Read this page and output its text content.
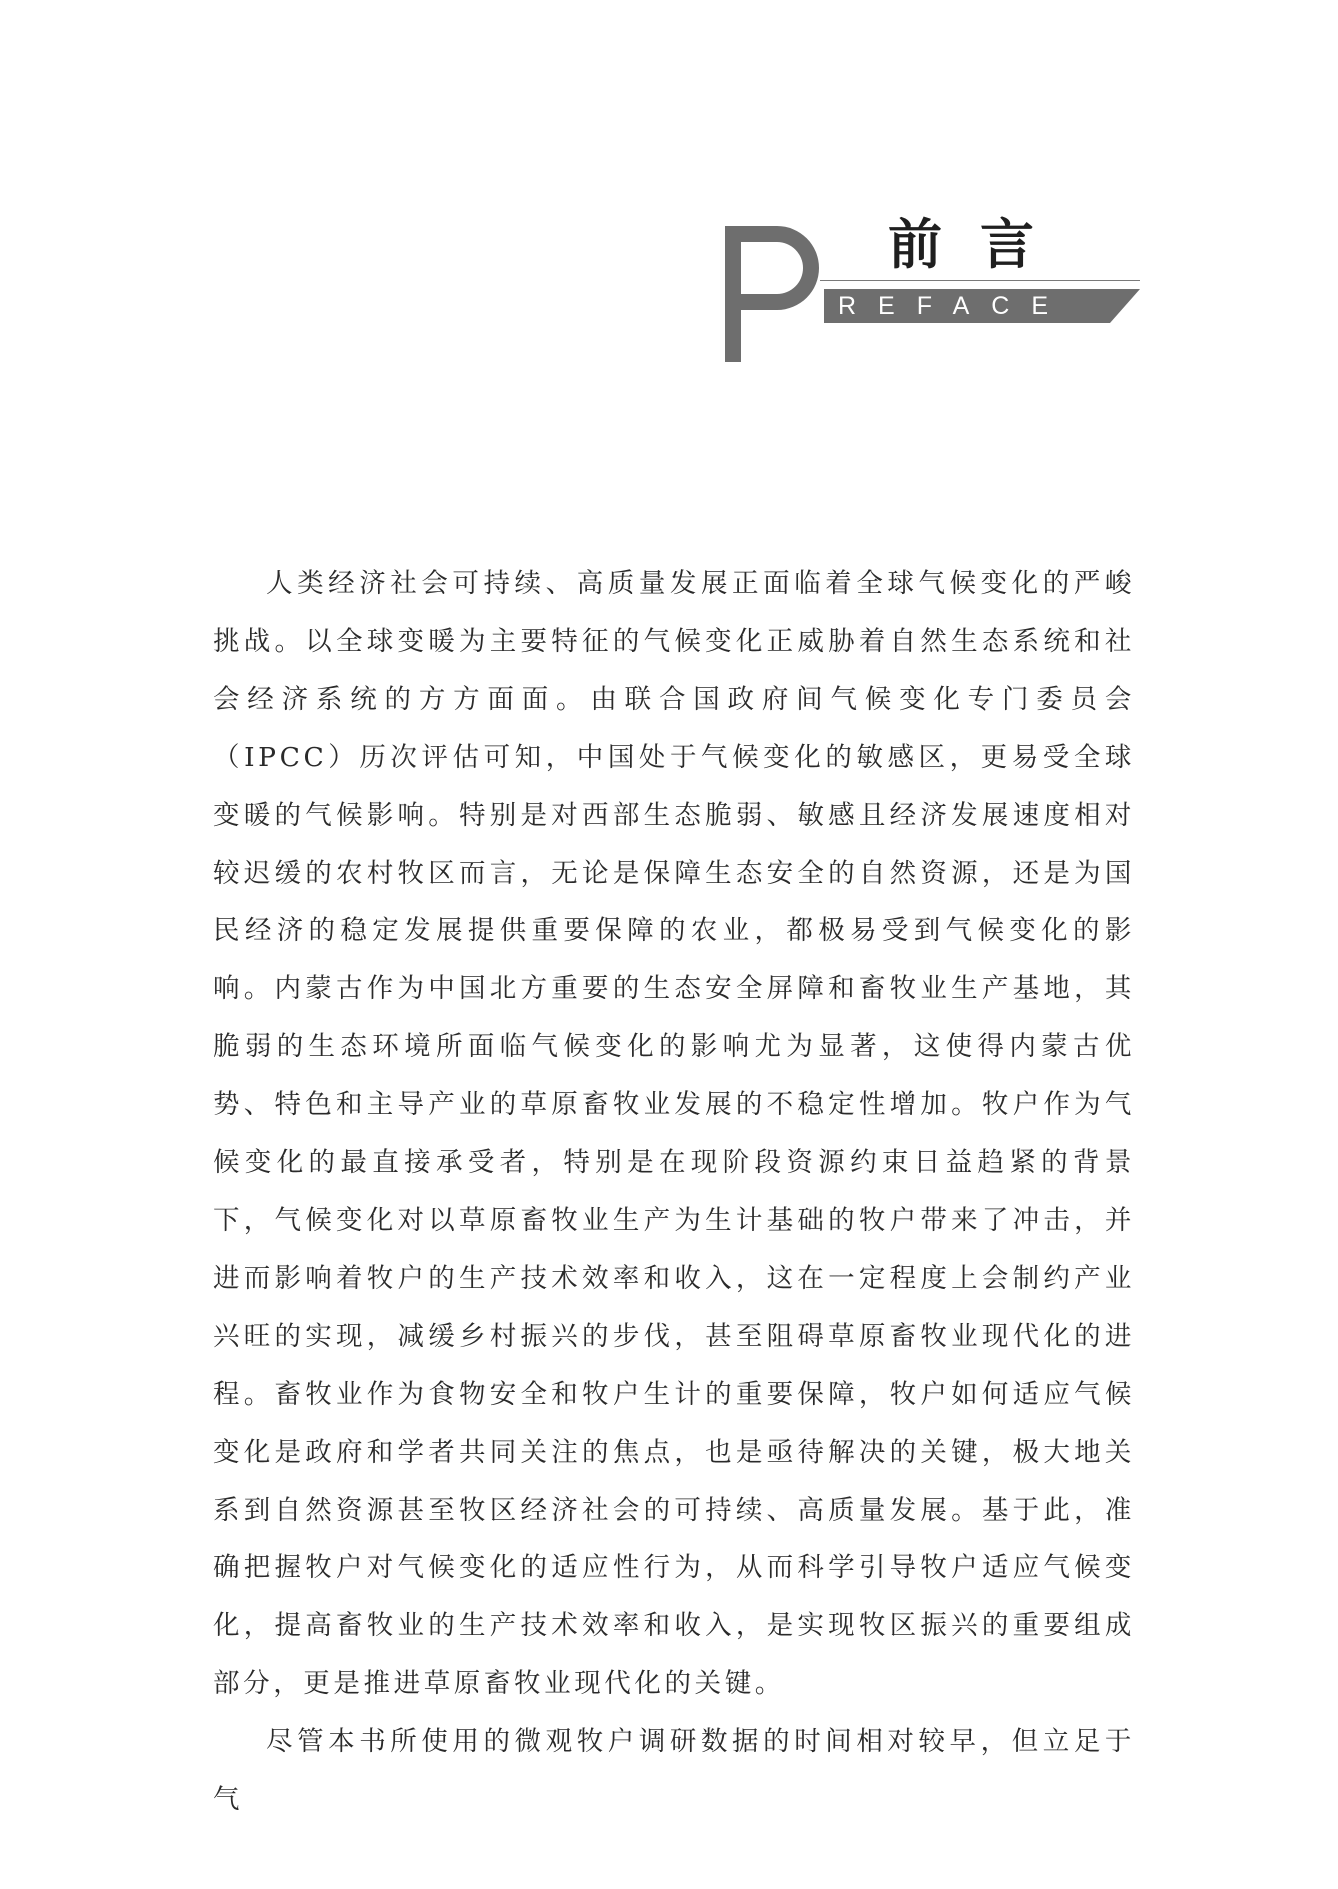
前言
REFACE

人类经济社会可持续、高质量发展正面临着全球气候变化的严峻挑战。以全球变暖为主要特征的气候变化正威胁着自然生态系统和社会经济系统的方方面面。由联合国政府间气候变化专门委员会（IPCC）历次评估可知，中国处于气候变化的敏感区，更易受全球变暖的气候影响。特别是对西部生态脆弱、敏感且经济发展速度相对较迟缓的农村牧区而言，无论是保障生态安全的自然资源，还是为国民经济的稳定发展提供重要保障的农业，都极易受到气候变化的影响。内蒙古作为中国北方重要的生态安全屏障和畜牧业生产基地，其脆弱的生态环境所面临气候变化的影响尤为显著，这使得内蒙古优势、特色和主导产业的草原畜牧业发展的不稳定性增加。牧户作为气候变化的最直接承受者，特别是在现阶段资源约束日益趋紧的背景下，气候变化对以草原畜牧业生产为生计基础的牧户带来了冲击，并进而影响着牧户的生产技术效率和收入，这在一定程度上会制约产业兴旺的实现，减缓乡村振兴的步伐，甚至阻碍草原畜牧业现代化的进程。畜牧业作为食物安全和牧户生计的重要保障，牧户如何适应气候变化是政府和学者共同关注的焦点，也是亟待解决的关键，极大地关系到自然资源甚至牧区经济社会的可持续、高质量发展。基于此，准确把握牧户对气候变化的适应性行为，从而科学引导牧户适应气候变化，提高畜牧业的生产技术效率和收入，是实现牧区振兴的重要组成部分，更是推进草原畜牧业现代化的关键。

尽管本书所使用的微观牧户调研数据的时间相对较早，但立足于气
